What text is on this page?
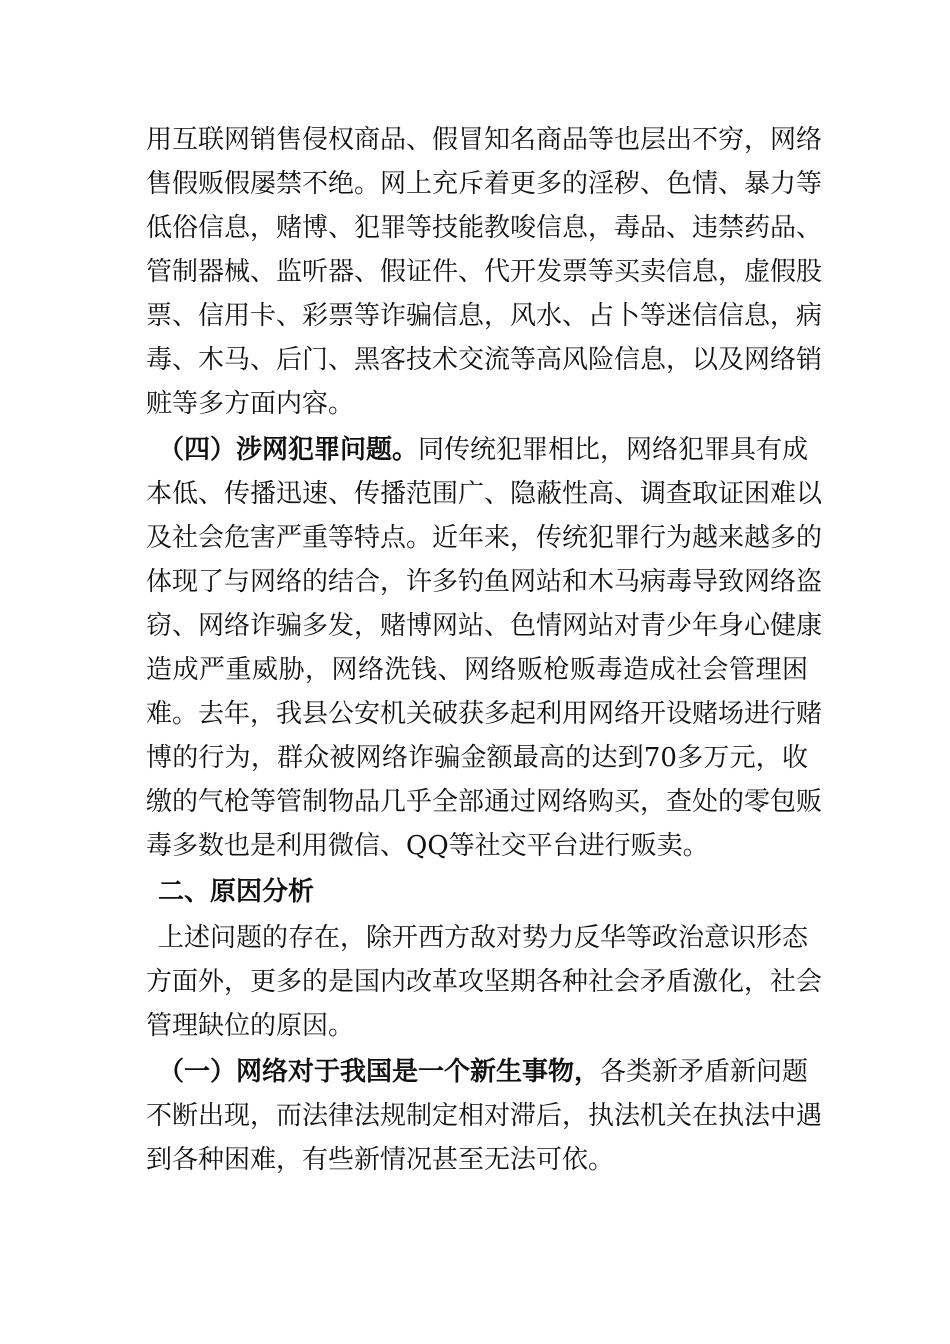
用互联网销售侵权商品、假冒知名商品等也层出不穷，网络
售假贩假屡禁不绝。网上充斥着更多的淫秽、色情、暴力等
低俗信息，赌博、犯罪等技能教唆信息，毒品、违禁药品、
管制器械、监听器、假证件、代开发票等买卖信息，虚假股
票、信用卡、彩票等诈骗信息，风水、占卜等迷信信息，病
毒、木马、后门、黑客技术交流等高风险信息，以及网络销
赃等多方面内容。
（四）涉网犯罪问题。同传统犯罪相比，网络犯罪具有成
本低、传播迅速、传播范围广、隐蔽性高、调查取证困难以
及社会危害严重等特点。近年来，传统犯罪行为越来越多的
体现了与网络的结合，许多钓鱼网站和木马病毒导致网络盗
窃、网络诈骗多发，赌博网站、色情网站对青少年身心健康
造成严重威胁，网络洗钱、网络贩枪贩毒造成社会管理困
难。去年，我县公安机关破获多起利用网络开设赌场进行赌
博的行为，群众被网络诈骗金额最高的达到70多万元，收
缴的气枪等管制物品几乎全部通过网络购买，查处的零包贩
毒多数也是利用微信、QQ等社交平台进行贩卖。
二、原因分析
上述问题的存在，除开西方敌对势力反华等政治意识形态
方面外，更多的是国内改革攻坚期各种社会矛盾激化，社会
管理缺位的原因。
（一）网络对于我国是一个新生事物，各类新矛盾新问题
不断出现，而法律法规制定相对滞后，执法机关在执法中遇
到各种困难，有些新情况甚至无法可依。
